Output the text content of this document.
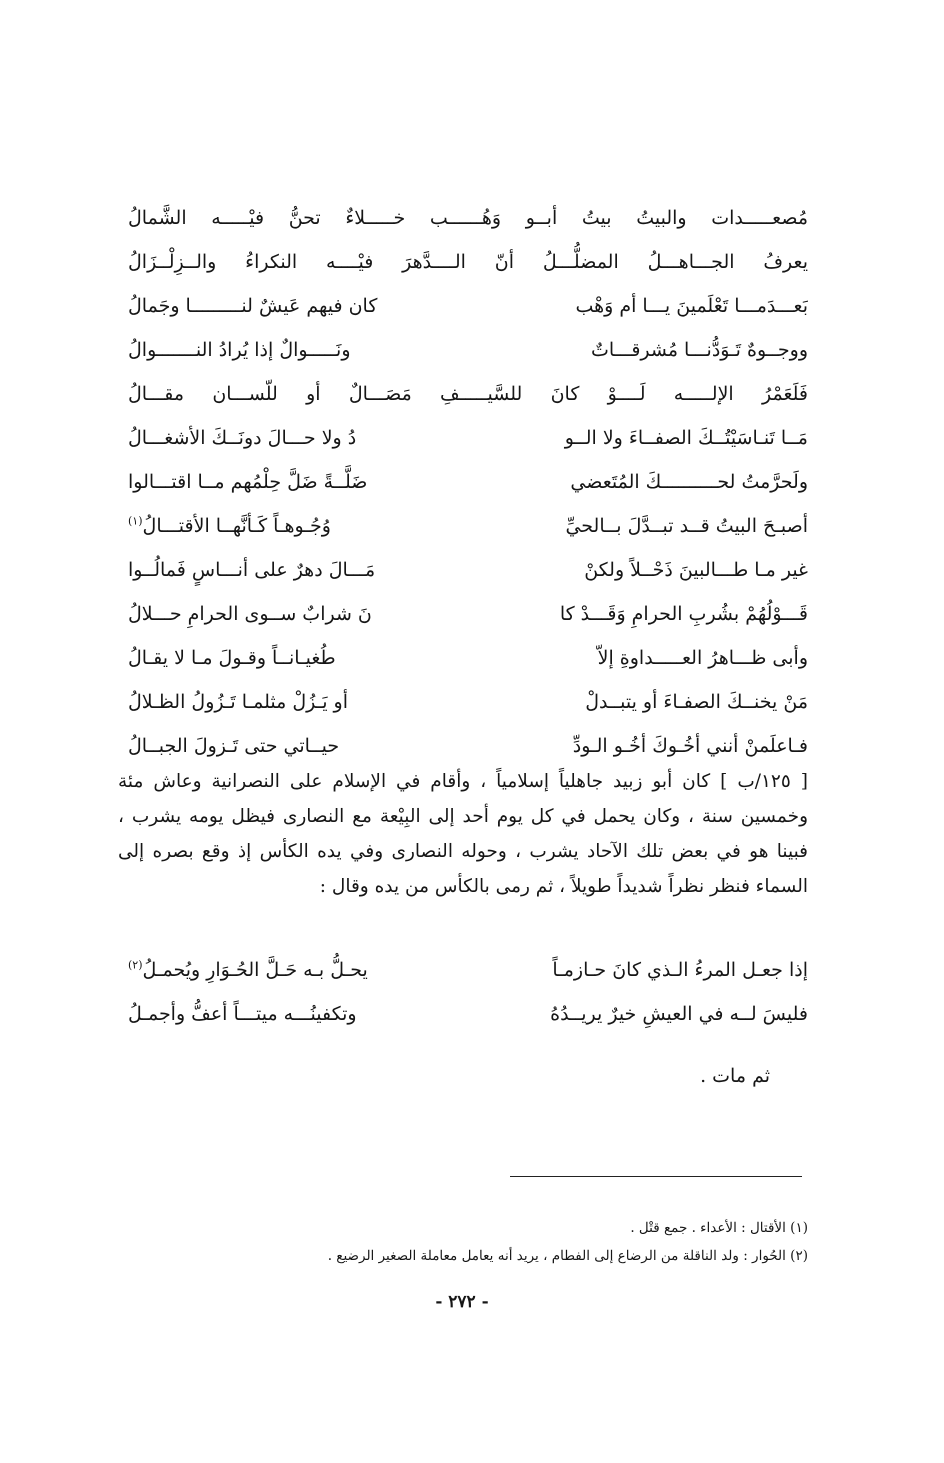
مُصعـــــدات والبيتُ بيتُ أبــو وَهُــــــب خـــــلاءٌ تحنُّ فيْـــــه الشَّمالُ
يعرفُ الجـــاهـــلُ المضلُّـــلُ أنّ الــــدَّهرَ فيْــــه النكراءُ والــزِلْــزَالُ
بَعـــدَمـــا تَعْلَمينَ يـــا أم وَهْب
كان فيهم عَيشٌ لنـــــــــا وجَمالُ
ووجــوهٌ تَـوَدُّنـــا مُشرقـــاتٌ
ونَـــــوالٌ إذا يُرادُ النـــــــوالُ
فَلَعَمْرُ الإلـــــه لَــــوْ كانَ للسَّيـــــفِ مَصَـــالٌ أو للّســـان مقـــالُ
مَــا تَنـاسَيْتُــكَ الصفــاءَ ولا الــو
دُ ولا حـــالَ دونَــكَ الأشغـــالُ
ولَحرَّمتُ لحــــــــــكَ المُتَعضي
ضَلَّــةً ضَلَّ حِلْمُهم مــا اقتـــالوا
أصبـحَ البيتُ قــد تبــدَّلَ بــالحيِّ
وُجُـوهـاً كَـأنَّهــا الأقتـــالُ$^{(١)}$
غير مـا طـــالبينَ ذَحْــلاً ولكنْ
مَـــالَ دهرٌ على أنـــاسٍ فَمالُــوا
قَـــوْلُهُمْ بشُربِ الحرامِ وَقَـــدْ كا
نَ شرابٌ ســوى الحرامِ حـــلالُ
وأبى ظـــاهرُ العـــــداوةِ إلاّ
طُغيـانــاً وقـولَ مـا لا يقـالُ
مَنْ يخنــكَ الصفـاءَ أو يتبــدلْ
أو يَـزُلْ مثلمـا تَـزُولُ الظـلالُ
فـاعلَمنْ أنني أخُـوكَ أخُـو الـودِّ
حيــاتي حتى تَـزولَ الجبــالُ

[ ١٢٥/ب ] كان أبو زبيد جاهلياً إسلامياً ، وأقام في الإسلام على النصرانية وعاش مئة وخمسين سنة ، وكان يحمل في كل يوم أحد إلى البِيْعة مع النصارى فيظل يومه يشرب ، فبينا هو في بعض تلك الآحاد يشرب ، وحوله النصارى وفي يده الكأس إذ وقع بصره إلى السماء فنظر نظراً شديداً طويلاً ، ثم رمى بالكأس من يده وقال :

إذا جعـل المرءُ الـذي كانَ حـازمـاً
يحـلُّ بـه حَـلَّ الحُـوَارِ ويُحمـلُ$^{(٢)}$
فليسَ لــه في العيشِ خيرٌ يريــدُهُ
وتكفينُـــه ميتـــاً أعفُّ وأجمـلُ
ثم مات .
(١) الأقتال : الأعداء . جمع قتْل .
(٢) الحُوار : ولد الناقلة من الرضاع إلى الفطام ، يريد أنه يعامل معاملة الصغير الرضيع .
- ٢٧٢ -
